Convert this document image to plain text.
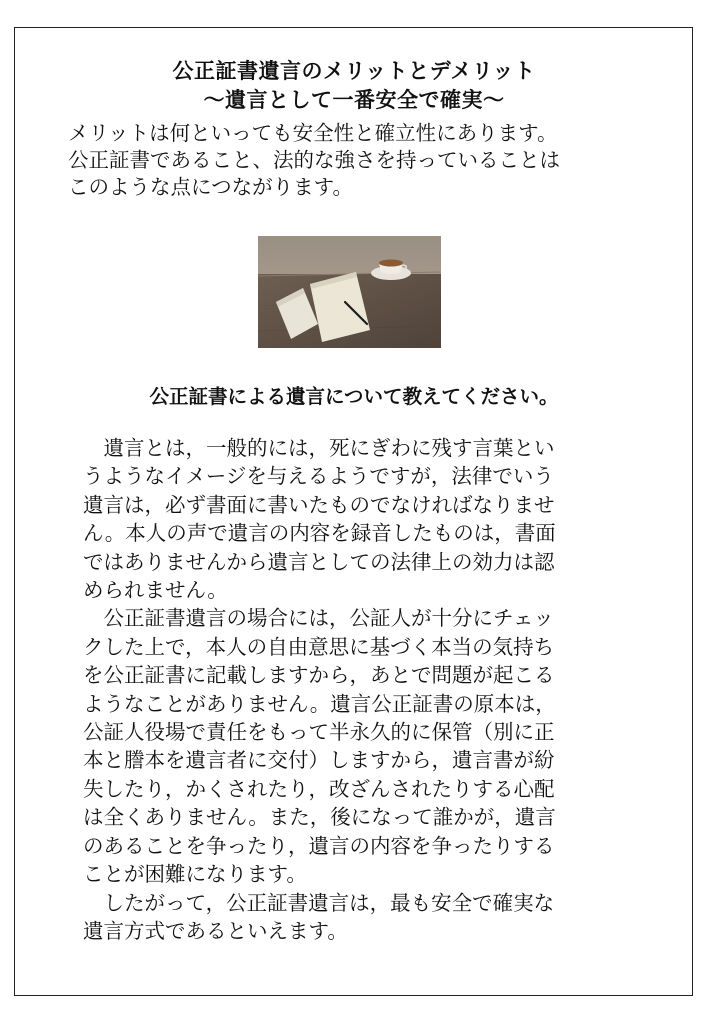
公正証書遺言のメリットとデメリット
～遺言として一番安全で確実～

メリットは何といっても安全性と確立性にあります。
公正証書であること、法的な強さを持っていることは
このような点につながります。

公正証書による遺言について教えてください。
　遺言とは，一般的には，死にぎわに残す言葉とい
うようなイメージを与えるようですが，法律でいう
遺言は，必ず書面に書いたものでなければなりませ
ん。本人の声で遺言の内容を録音したものは，書面
ではありませんから遺言としての法律上の効力は認
められません。
　公正証書遺言の場合には，公証人が十分にチェッ
クした上で，本人の自由意思に基づく本当の気持ち
を公正証書に記載しますから，あとで問題が起こる
ようなことがありません。遺言公正証書の原本は，
公証人役場で責任をもって半永久的に保管（別に正
本と謄本を遺言者に交付）しますから，遺言書が紛
失したり，かくされたり，改ざんされたりする心配
は全くありません。また，後になって誰かが，遺言
のあることを争ったり，遺言の内容を争ったりする
ことが困難になります。
　したがって，公正証書遺言は，最も安全で確実な
遺言方式であるといえます。
